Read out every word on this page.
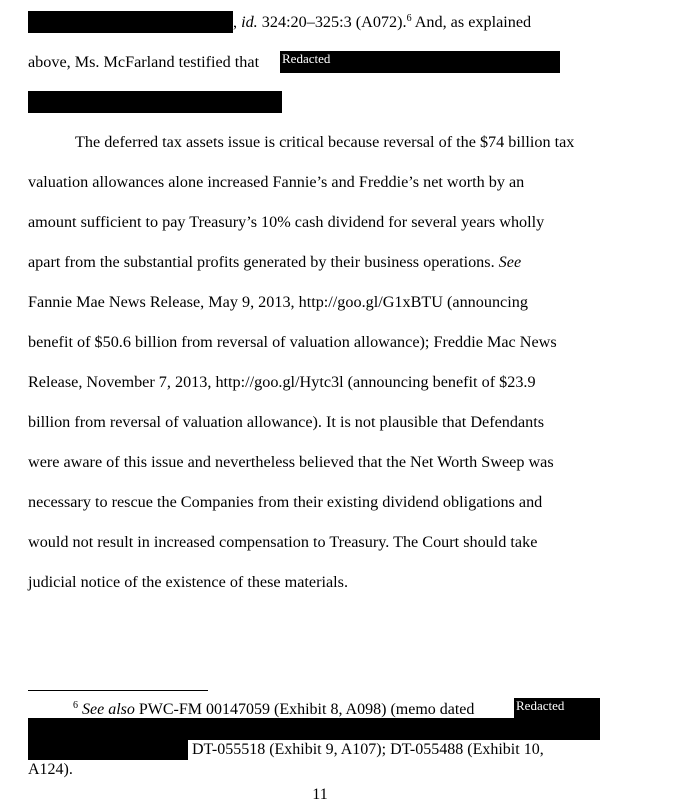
, id. 324:20–325:3 (A072).$^6$ And, as explained
above, Ms. McFarland testified that Redacted
The deferred tax assets issue is critical because reversal of the $74 billion tax
valuation allowances alone increased Fannie’s and Freddie’s net worth by an
amount sufficient to pay Treasury’s 10% cash dividend for several years wholly
apart from the substantial profits generated by their business operations. See
Fannie Mae News Release, May 9, 2013, http://goo.gl/G1xBTU (announcing
benefit of $50.6 billion from reversal of valuation allowance); Freddie Mac News
Release, November 7, 2013, http://goo.gl/Hytc3l (announcing benefit of $23.9
billion from reversal of valuation allowance). It is not plausible that Defendants
were aware of this issue and nevertheless believed that the Net Worth Sweep was
necessary to rescue the Companies from their existing dividend obligations and
would not result in increased compensation to Treasury. The Court should take
judicial notice of the existence of these materials.
$^6$ See also PWC-FM 00147059 (Exhibit 8, A098) (memo dated	Redacted
DT-055518 (Exhibit 9, A107); DT-055488 (Exhibit 10,
A124).
11
